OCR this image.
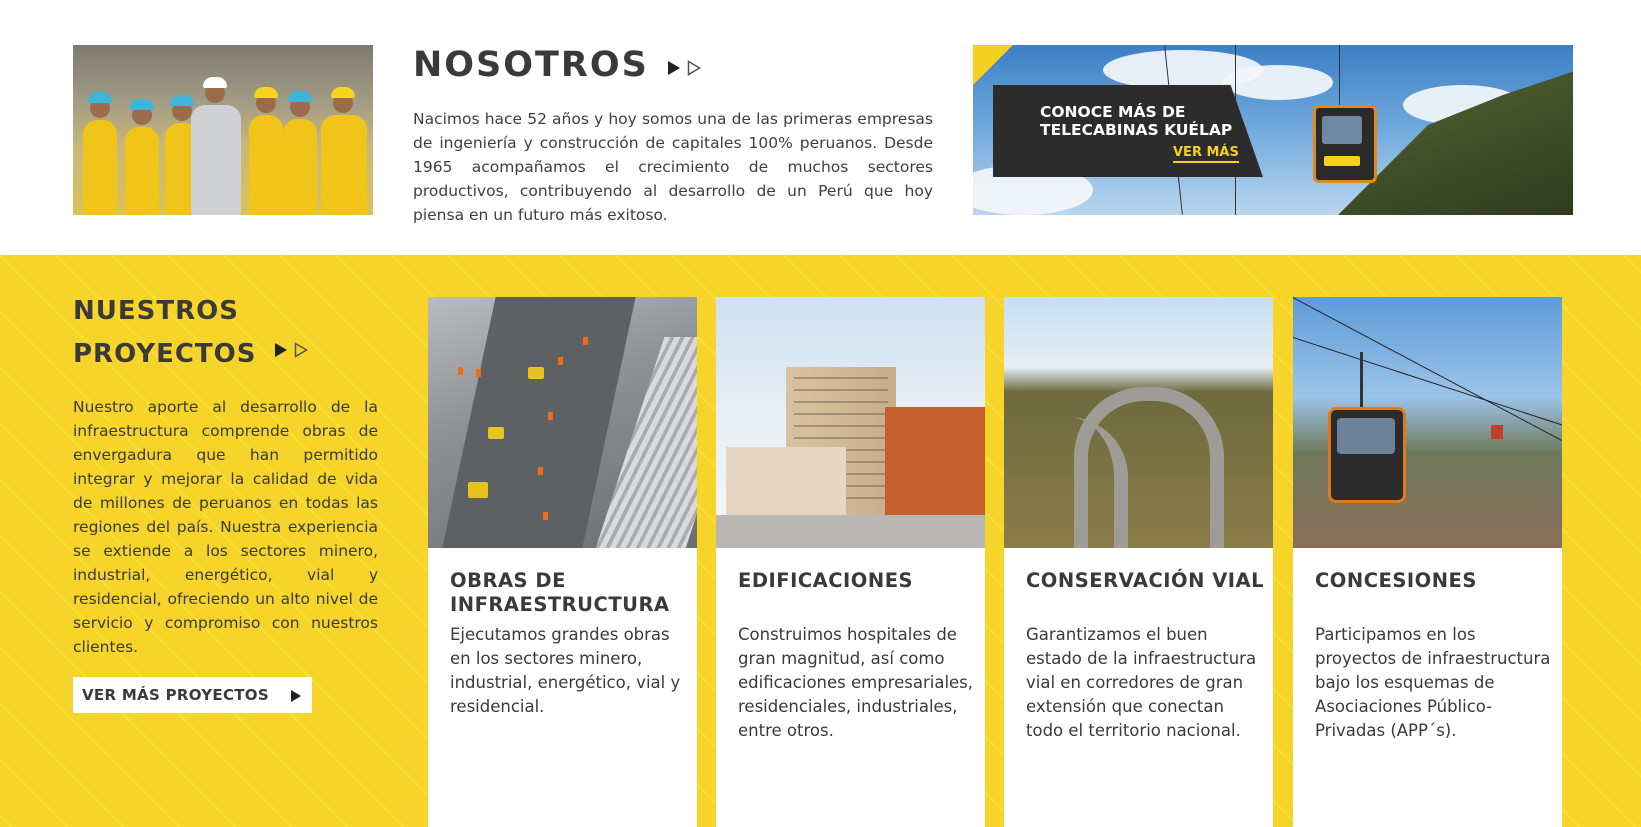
NOSOTROS

Nacimos hace 52 años y hoy somos una de las primeras empresas de ingeniería y construcción de capitales 100% peruanos. Desde 1965 acompañamos el crecimiento de muchos sectores productivos, contribuyendo al desarrollo de un Perú que hoy piensa en un futuro más exitoso.

CONOCE MÁS DE
TELECABINAS KUÉLAP
VER MÁS
NUESTROS
PROYECTOS

Nuestro aporte al desarrollo de la infraestructura comprende obras de envergadura que han permitido integrar y mejorar la calidad de vida de millones de peruanos en todas las regiones del país. Nuestra experiencia se extiende a los sectores minero, industrial, energético, vial y residencial, ofreciendo un alto nivel de servicio y compromiso con nuestros clientes.

VER MÁS PROYECTOS
OBRAS DE INFRAESTRUCTURA

Ejecutamos grandes obras en los sectores minero, industrial, energético, vial y residencial.

EDIFICACIONES

Construimos hospitales de gran magnitud, así como edificaciones empresariales, residenciales, industriales, entre otros.

CONSERVACIÓN VIAL

Garantizamos el buen estado de la infraestructura vial en corredores de gran extensión que conectan todo el territorio nacional.

CONCESIONES

Participamos en los proyectos de infraestructura bajo los esquemas de Asociaciones Público-Privadas (APP´s).
